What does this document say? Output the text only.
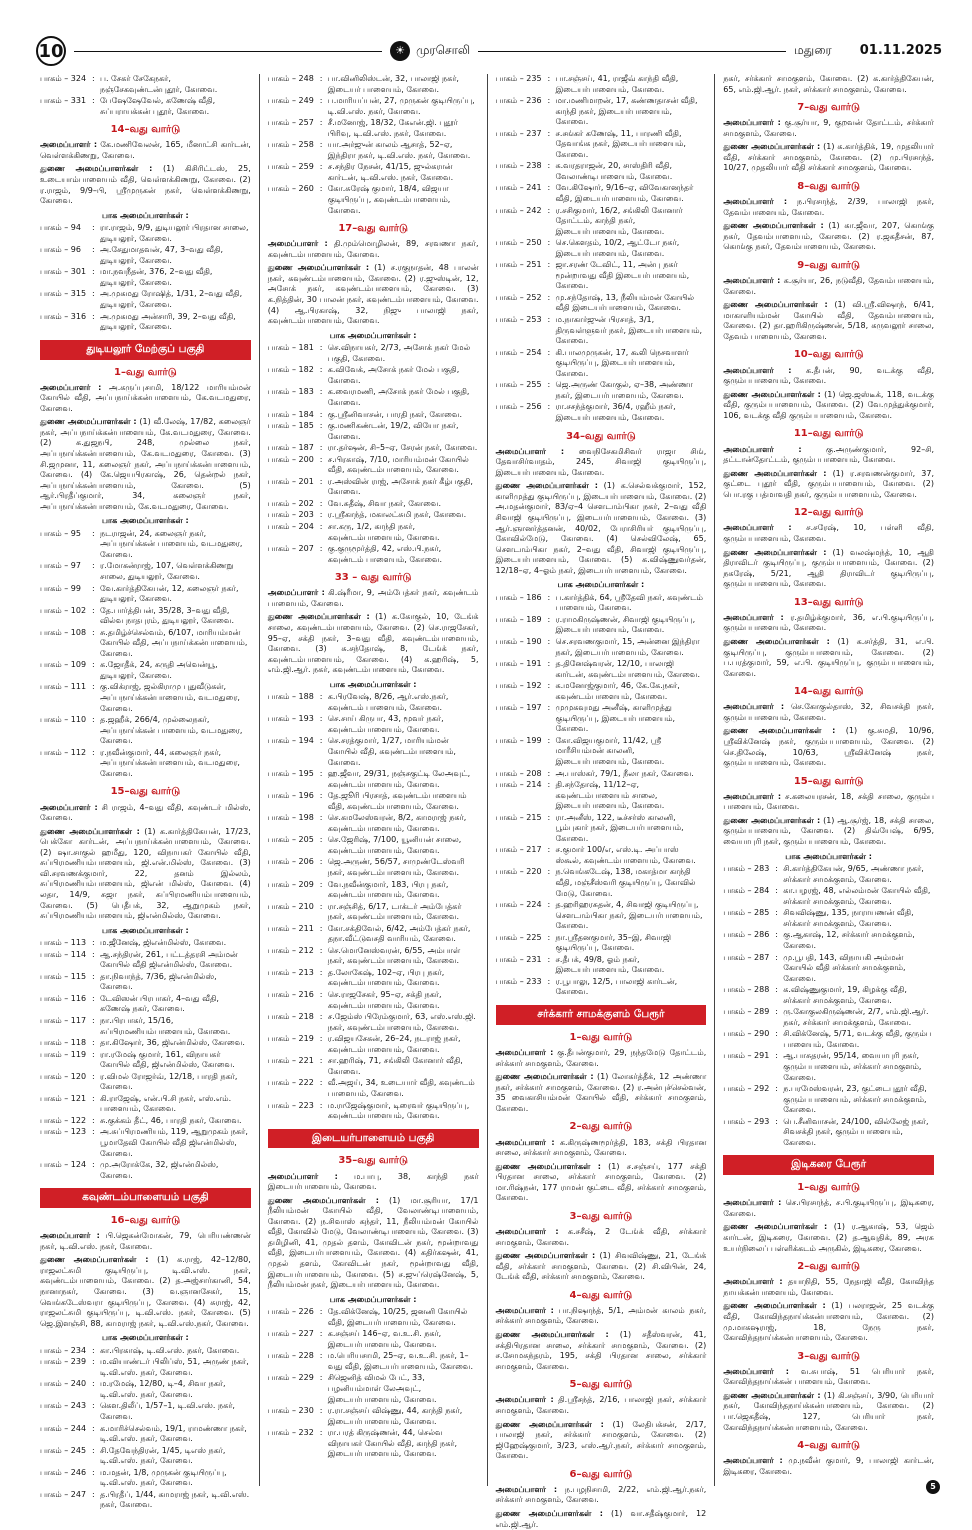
10	☀ முரசொலி	மதுரை 01.11.2025
பாகம் – 324 : ப. சேகர் சேகேநகர், நஞ்சேகவுண்டன்புதூர், கோவை.
பாகம் – 331 : பேஷேஷேவேல், கணேஷ் வீதி, சுப்பராயக்கன் புதூர், கோவை.
14–வது வார்டு
அமைப்பாளர் : கே.மணிவேலன், 165, மீனாட்சி கார்டன், வெள்ளக்கிணறு, கோவை.
துணை அமைப்பாளர்கள் : (1) கிசிரிட்டஸ், 25, உடையாம்பாளையம் வீதி, வெள்ளக்கிணறு, கோவை. (2) ர.ராஜம், 9/9–பி, ஸ்ரீமுருகன் நகர், வெள்ளக்கிணறு, கோவை.
பாக அமைப்பாளர்கள் :
பாகம் – 94	: ரா.ராஜம், 9/9, துடியலூர் பிரதான சாலை, துடியலூர், கோவை.
பாகம் – 96	: அ.சேதுமாதவன், 47, 3–வது வீதி, துடியலூர், கோவை.
பாகம் – 301 : மா.நவநீதன், 376, 2–வது வீதி, துடியலூர், கோவை.
பாகம் – 315 : அ.முகமது ரோஷித், 1/31, 2–வது வீதி, துடியலூர், கோவை.
பாகம் – 316 : அ.முகமது அன்சாரி, 39, 2–வது வீதி, துடியலூர், கோவை.
துடியலூர் மேற்குப் பகுதி
1–வது வார்டு
அமைப்பாளர் : அ.கருப்புசாமி, 18/122 மாரியம்மன் கோயில் வீதி, அப்பநாய்க்கன்பாளையம், கே.வடமதுரை, கோவை.
துணை அமைப்பாளர்கள் : (1) வீ.லேஷ், 17/82, கலைஞர் நகர், அப்பநாய்க்கன்பாளையம், கே.வடமதுரை, கோவை. (2) க.துஜநபி, 248, முல்லை நகர், அப்பநாய்க்கன்பாளையம், கே.வடமதுரை, கோவை. (3) சி.ஜமுனா, 11, கலைஞர் நகர், அப்பநாய்க்கன்பாளையம், கோவை. (4) கே.ஜெயபிரகாஷ், 26, தென்றல் நகர், அப்பநாய்க்கன்பாளையம், கோவை. (5) ஆர்.பிரதீப்குமார், 34, கலைஞர் நகர், அப்பநாய்க்கன்பாளையம், கே.வடமதுரை, கோவை.
பாக அமைப்பாளர்கள் :
பாகம் – 95	: நடராஜன், 24, கலைஞர் நகர், அப்பநாய்க்கன் பாளையம், வடமதுரை, கோவை.
பாகம் – 97	: ர.மோகன்ராஜ், 107, வெள்ளக்கிணறு சாலை, துடியலூர், கோவை.
பாகம் – 99	: வே.கார்த்திகேயன், 12, கலைஞர் நகர், துடியலூர், கோவை.
பாகம் – 102 : தே.பார்த்திபன், 35/28, 3–வது வீதி, வில்வ நாதபுரம், துடியலூர், கோவை.
பாகம் – 108 : சு.தமிழ்ச்செல்வம், 6/107, மாரியம்மன் கோயில் வீதி, அப்பநாய்க்கன்பாளையம், கோவை.
பாகம் – 109 : க.ஜோதீக், 24, சுருதி அவென்யூ, துடியலூர், கோவை.
பாகம் – 111 : கு.விக்ராஜ், ஜல்கிராமு புதுவீடுகள், அப்பநாய்க்கன்பாளையம், வடமதுரை, கோவை.
பாகம் – 110 : த.ஜஹீக், 266/4, முல்லைநகர், அப்பநாய்க்கன் பாளையம், வடமதுரை, கோவை.
பாகம் – 112 : ர.நவீன்குமார், 44, கலைஞர் நகர், அப்பநாய்க்கன்பாளையம், வடமதுரை, கோவை.
15–வது வார்டு
அமைப்பாளர் : சி ராஜம், 4–வது வீதி, கவுண்டர் மில்ஸ், கோவை.
துணை அமைப்பாளர்கள் : (1) க.கார்த்திகேயன், 17/23, பெக்கோ கார்டன், அப்பநாய்க்கன்பாளையம், கோவை. (2) ஷா.சாகுல் ஹமீது, 120, விநாயகர் கோயில் வீதி, சுப்பிரமணியம்பாளையம், ஜி.என்.மில்ஸ், கோவை. (3) வி.சரவணக்குமார், 22, தனம் இல்லம், சுப்பிரமணியம்பாளையம், ஜிஎன் மில்ஸ், கோவை. (4) லதா, 14/9, சுஜா நகர், சுப்பிரமணியம்பாளையம், கோவை. (5) பெதீபக், 32, ஆறுமுகம் நகர், சுப்பிரமணியம்பாளையம், ஜிஎன்மில்ஸ், கோவை.
பாக அமைப்பாளர்கள் :
பாகம் – 113 : ம.ஜீனேஷ், ஜிஎன்மில்ஸ், கோவை.
பாகம் – 114 : ஆ.சந்திரன், 261, பட்டத்தரசி அம்மன் கோயில் வீதி ஜிஎன்மில்ஸ், கோவை.
பாகம் – 115 : தா.நிவாந்த், 7/36, ஜிஎன்மில்ஸ், கோவை.
பாகம் – 116 : டேவிஸன் பிரபாகர், 4–வது வீதி, கணேஷ் நகர், கோவை.
பாகம் – 117 : நா.பிரபாகர், 15/16, சுப்பிரமணியம்பாளையம், கோவை.
பாகம் – 118 : தா.கிஷோர், 36, ஜிஎன்மில்ஸ், கோவை.
பாகம் – 119 : ரா.ரமேஷ் குமார், 161, விநாயகர் கோயில் வீதி, ஜிஎன்மில்ஸ், கோவை.
பாகம் – 120 : ர.விமல் ரோஜர்வ், 12/18, பாரதி நகர், கோவை.
பாகம் – 121 : கி.ராஜேஷ், என்.பி.சி நகர், எஸ்.எம். பாளையம், கோவை.
பாகம் – 122 : சு.குக்கம் தீட், 46, பாரதி நகர், கோவை.
பாகம் – 123 : அ.சுப்பிரமணியம், 119, ஆறுமுகம் நகர், பூமாதேவி கோயில் வீதி ஜிஎன்மில்ஸ், கோவை.
பாகம் – 124 : மு.அரோக்கே, 32, ஜிஎன்மில்ஸ், கோவை.
கவுண்டம்பாளையம் பகுதி
16–வது வார்டு
அமைப்பாளர் : பி.ஜெகன்மோகன், 79, பெரியண்ணன் நகர், டி.வி.எஸ். நகர், கோவை.
துணை அமைப்பாளர்கள் : (1) க.ராஜ், 42–12/80, ராஜலட்சுமி குடியிருப்பு, டி.வி.எஸ். நகர், கவுண்டம்பாளையம், கோவை. (2) த.அஜ்சார்கானி, 54, நானாநகர், கோவை. (3) வ.ஞானசேகர், 15, வெங்கடேஸ்வரா குடியிருப்பு, கோவை. (4) சுராஜ், 42, ராஜலட்சுமி குடியிருப்பு, டி.வி.எஸ். நகர், கோவை. (5) ஜெ.இளஞ்சி, 88, காமராஜ் நகர், டி.வி.எஸ்.நகர், கோவை.
பாக அமைப்பாளர்கள் :
பாகம் – 234 : கா.பிரகாஷ், டி.வி.எஸ். நகர், கோவை.
பாகம் – 239 : ம.வியாண்டர் பிலிப்ஸ், 51, அருண் நகர், டி.வி.எஸ். நகர், கோவை.
பாகம் – 240 : ம.ரமேஷ், 12/80, டி–4, சிவா நகர், டி.வி.எஸ். நகர், கோவை.
பாகம் – 243 : கௌ.திலீப், 1/57–1, டி.வி.எஸ். நகர், கோவை.
பாகம் – 244 : க.மாரிச்செல்வம், 19/1, ராமண்ணா நகர், டி.வி.எஸ். நகர், கோவை.
பாகம் – 245 : சி.தேவேந்திரன், 1/45, டிஎஸ் நகர், டி.வி.எஸ். நகர், கோவை.
பாகம் – 246 : ம.மதன், 1/8, முருகன் குடியிருப்பு, டி.வி.எஸ். நகர், கோவை.
பாகம் – 247 : த.பிரதீப், 1/44, காமராஜ் நகர், டி.வி.எஸ். நகர், கோவை.
பாகம் – 248 : பா.வினிலிஸ்டன், 32, பாலாஜி நகர், இடையர் பாளையம், கோவை.
பாகம் – 249 : ப.மாரியப்பன், 27, முருகன் குடியிருப்பு, டி.வி.எஸ். நகர், கோவை.
பாகம் – 257 : சீ.மனோஜ், 18/32, கேஎன்.ஜி. புதூர் பிரிவு, டி.வி.எஸ். நகர், கோவை.
பாகம் – 258 : யா.அர்ஜுன் காலம் ஆசாத், 52–ஏ, இந்திரா நகர், டி.வி.எஸ். நகர், கோவை.
பாகம் – 259 : ச.சந்திர நேசன், 41/15, ஜுல்கரான் கார்டன், டி.வி.எஸ். நகர், கோவை.
பாகம் – 260 : கோ.சுரேஷ் குமார், 18/4, விஜயா குடியிருப்பு, கவுண்டம்பாளையம், கோவை.
17–வது வார்டு
அமைப்பாளர் : தி.மும்மொழிலன், 89, சரவணா நகர், கவுண்டம்பாளையம், கோவை.
துணை அமைப்பாளர்கள் : (1) ச.ரகுநாதன், 48 பாலன் நகர், கவுண்டம்பாளையம், கோவை. (2) ர.ஜுஸ்டின், 12, அசோக் நகர், கவுண்டம்பாளையம், கோவை. (3) க.நித்தின், 30 பாலன் நகர், கவுண்டம்பாளையம், கோவை. (4) ஆ.பிரகாஷ், 32, நிஜு பாலாஜி நகர், கவுண்டம்பாளையம், கோவை.
பாக அமைப்பாளர்கள் :
பாகம் – 181 : செ.விநாயகர், 2/73, அசோக் நகர் மேல் பகுதி, கோவை.
பாகம் – 182 : க.விவேக், அசோக் நகர் மேல் பகுதி, கோவை.
பாகம் – 183 : க.வைரமணி, அசோக் நகர் மேல் பகுதி, கோவை.
பாகம் – 184 : கு.ஸ்ரீனிவாசன், பாரதி நகர், கோவை.
பாகம் – 185 : கு.மணிகண்டன், 19/2, வியோ நகர், கோவை.
பாகம் – 187 : ரா.தர்ஷன், சி–5–ஏ, சேரன் நகர், கோவை.
பாகம் – 200 : ச.பிரகாஷ், 7/10, மாரியம்மன் கோயில் வீதி, கவுண்டம்பாளையம், கோவை.
பாகம் – 201 : ர.அஸ்வின் ராஜ், அசோக் நகர் கீழ்பகுதி, கோவை.
பாகம் – 202 : வே.சுதீஷ், சிவா நகர், கோவை.
பாகம் – 203 : ர.ஸ்ரீகாந்த், மகாலட்சுமி நகர், கோவை.
பாகம் – 204 : சா.கரு, 1/2, காந்தி நகர், கவுண்டம்பாளையம், கோவை.
பாகம் – 207 : கு.குருமூர்த்தி, 42, எஸ்.பி.நகர், கவுண்டம் பாளையம், கோவை.
33 – வது வார்டு
அமைப்பாளர் : கி.ஷ்ரீமா, 9, அம்பேத்கர் நகர், கவுண்டம் பாளையம், கோவை.
துணை அமைப்பாளர்கள் : (1) க.கோகுல், 10, டேங்க் சாலை, கவுண்டம்பாளையம், கோவை. (2) செ.ராஜசேகர், 95–ஏ, சக்தி நகர், 3–வது வீதி, கவுண்டம்பாளையம், கோவை. (3) சு.சந்தோஷ், 8, டேங்க் நகர், கவுண்டம்பாளையம், கோவை. (4) க.ஹரிஷ், 5, எம்.ஜி.ஆர். நகர், கவுண்டம்பாளையம், கோவை.
பாக அமைப்பாளர்கள் :
பாகம் – 188 : க.பிரவேஷ், 8/26, ஆர்.எஸ்.நகர், கவுண்டம் பாளையம், கோவை.
பாகம் – 193 : செ.சாய் கிருபா, 43, மூவர் நகர், கவுண்டம்பாளையம், கோவை.
பாகம் – 194 : செ.சரத்குமார், 1/27, மாரியம்மன் கோயில் வீதி, கவுண்டம்பாளையம், கோவை.
பாகம் – 195 : ஹ.ஜீவா, 29/31, நஞ்சகுட்டி லேஅவுட், கவுண்டம்பாளையம், கோவை.
பாகம் – 196 : தே.ஜூரி பிரசாத், கவுண்டம்பாளையம் வீதி, கவுண்டம்பாளையம், கோவை.
பாகம் – 198 : செ.கமலேஸ்வரன், 8/2, காமராஜ் நகர், கவுண்டம்பாளையம், கோவை.
பாகம் – 205 : செ.ஜேரிஷ், 7/100, யூனியன் சாலை, கவுண்டம்பாளையம், கோவை.
பாகம் – 206 : ஜெ.அருண், 56/57, சாமுண்டேஸ்வரி நகர், கவுண்டம்பாளையம், கோவை.
பாகம் – 209 : வே.நவீன்குமார், 183, பிரபு நகர், கவுண்டம்பாளையம், கோவை.
பாகம் – 210 : ரா.சஞ்சித், 6/17, டாக்டர் அம்பேத்கர் நகர், கவுண்டம்பாளையம், கோவை.
பாகம் – 211 : கோ.சக்திவேல், 6/42, அம்பேத்கர் நகர், தநா.வீட்டுவசதி வாரியம், கோவை.
பாகம் – 212 : செ.மொனேஸ்வரன், 6/55, அம்பாள் நகர், கவுண்டம்பாளையம், கோவை.
பாகம் – 213 : த.லோகேஷ், 102–ஏ, பிரபு நகர், கவுண்டம்பாளையம், கோவை.
பாகம் – 216 : செ.ராஜசேகர், 95–ஏ, சக்தி நகர், கவுண்டம்பாளையம், கோவை.
பாகம் – 218 : ச.ஜேம்ஸ் பிரேம்குமார், 63, எஸ்.எஸ்.ஜி. நகர், கவுண்டம்பாளையம், கோவை.
பாகம் – 219 : ர.விஜயசேகன், 26–24, நடராஜ் நகர், கவுண்டம்பாளையம், கோவை.
பாகம் – 221 : சா.ஹரிஷ், 71, சங்கிலி கோனார் வீதி, கோவை.
பாகம் – 222 : வீ.அஜய், 34, உடையார் வீதி, கவுண்டம் பாளையம், கோவை.
பாகம் – 223 : ம.ராஜேஷ்குமார், டிரைவர் குடியிருப்பு, கவுண்டம்பாளையம், கோவை.
இடையர்பாளையம் பகுதி
35–வது வார்டு
அமைப்பாளர் : ம.பாபு, 38, காந்தி நகர் இடையர்பாளையம், கோவை.
துணை அமைப்பாளர்கள் : (1) மா.சூரியா, 17/1 நீலியம்மன் கோயில் வீதி, வேலாண்டிபாளையம், கோவை. (2) ந.சிவாஸ் கந்தர், 11, நீலியம்மன் கோயில் வீதி, கோவில் மேடு, வேலாண்டிபாளையம், கோவை. (3) தமிழினி, 41, முதல் தளம், கோவிடன் நகர், மூன்றாவது வீதி, இடையர்பாளையம், கோவை. (4) கதிர்கஷன், 41, முதல் தளம், கோவிடன் நகர், மூன்றாவது வீதி, இடையர்பாளையம், கோவை. (5) ச.ஜுப்ரெஷ்னேஷ், 5, நீலியம்மன் நகர், இடையர்பாளையம், கோவை.
பாக அமைப்பாளர்கள் :
பாகம் – 226 : தே.விக்னேஷ், 10/25, ஜனனி கோயில் வீதி, இடையர்பாளையம், கோவை.
பாகம் – 227 : க.சஞ்சய் 146–ஏ, வ.உ.சி. நகர், இடையர்பாளையம், கோவை.
பாகம் – 228 : ம.பெரியசாமி, 25–ஏ, வ.உ.சி. நகர், 1–வது வீதி, இடையர்பாளையம், கோவை.
பாகம் – 229 : சிஜெனித் விமல் பேட், 33, பழனியம்மாள் லேஅவுட், இடையர்பாளையம், கோவை.
பாகம் – 230 : ர.ரா.சஞ்சய் விஷ்ணு, 44, காந்தி நகர், இடையர்பாளையம், கோவை.
பாகம் – 232 : ரா.பரத் கிருஷ்ணன், 44, செல்வ விநாயகர் கோயில் வீதி, காந்தி நகர், இடையர்பாளையம், கோவை.
பாகம் – 235 : பா.சஞ்சய், 41, ராஜீவ் காந்தி வீதி, இடையர்பாளையம், கோவை.
பாகம் – 236 : மா.மணிமாறன், 17, கண்ணதாசன் வீதி, காந்தி நகர், இடையர்பாளையம், கோவை.
பாகம் – 237 : ச.சங்கர் கணேஷ், 11, பாரணி வீதி, தேவாங்க நகர், இடையர்பாளையம், கோவை.
பாகம் – 238 : க.வரதராஜன், 20, சாஸ்திரி வீதி, வேலாண்டிபாளையம், கோவை.
பாகம் – 241 : வே.கிஷோர், 9/16–ஏ, விவேகானந்தர் வீதி, இடையர்பாளையம், கோவை.
பாகம் – 242 : ர.சசிகுமார், 16/2, சங்கிலி கோனார் தோட்டம், காந்தி நகர், இடையர்பாளையம், கோவை.
பாகம் – 250 : செ.கௌதம், 10/2, ஆட்டோ நகர், இடையர்பாளையம், கோவை.
பாகம் – 251 : ஜா.சரண் டேவிட், 11, அன்பு நகர் மூன்றாவது வீதி இடையர்பாளையம், கோவை.
பாகம் – 252 : மு.சந்தோஷ், 13, நீலியம்மன் கோயில் வீதி இடையர்பாளையம், கோவை.
பாகம் – 253 : ம.நாகார்ஜுன் பிரசாத், 3/1, திருவள்ளுவர் நகர், இடையர்பாளையம், கோவை.
பாகம் – 254 : கி.பாலமுருகன், 17, கூலி நெசவாளர் குடியிருப்பு, இடையர்பாளையம், கோவை.
பாகம் – 255 : ஜெ.அருண் கோகுல், ஏ–38, அண்ணா நகர், இடையர்பாளையம், கோவை.
பாகம் – 256 : ரா.சசந்த்குமார், 36/4, ரஹீம் நகர், இடையர்பாளையம், கோவை.
34–வது வார்டு
அமைப்பாளர் : வைநிசேகமிசிவர் ராஜா சிங், தேவாசிர்வாதம், 245, சிவாஜி குடியிருப்பு, இடையர்பாளையம், கோவை.
துணை அமைப்பாளர்கள் : (1) க.செல்வக்குமார், 152, காளிமுத்து குடியிருப்பு, இடையர்பாளையம், கோவை. (2) அ.மதன்குமார், 83/ஏ–4 சௌடாம்பிகா நகர், 2–வது வீதி சிவாஜி குடியிருப்பு, இடையர்பாளையம், கோவை. (3) ஆர்.ஞானர்த்தனன், 40/02, பேராசிரியர் குடியிருப்பு, கோவில்மேடு, கோவை. (4) செல்விலேஷ், 65, சௌடாம்பிகா நகர், 2–வது வீதி, சிவாஜி குடியிருப்பு, இடையர்பாளையம், கோவை. (5) க.விஷ்ணுவர்தன், 12/18–ஏ, 4–ஓம் நகர், இடையர்பாளையம், கோவை.
பாக அமைப்பாளர்கள் :
பாகம் – 186 : ப.கார்த்திக், 64, ஸ்ரீதேவி நகர், கவுண்டம் பாளையம், கோவை.
பாகம் – 189 : ர.ராமகிருஷ்ணன், சிவாஜி குடியிருப்பு, இடையர்பாளையம், கோவை.
பாகம் – 190 : செ.சரவணகுமார், 15, அன்னை இந்திரா நகர், இடையர்பாளையம், கோவை.
பாகம் – 191 : த.தினேஷ்வரன், 12/10, பாலாஜி கார்டன், கவுண்டம்பாளையம், கோவை.
பாகம் – 192 : க.மனோஜ்குமார், 46, கே.கே.நகர், கவுண்டம்பாளையம், கோவை.
பாகம் – 197 : முமுகவுமது அனீஷ், காளிமுத்து குடியிருப்பு, இடையர்பாளையம், கோவை.
பாகம் – 199 : கோ.விஜயகுமார், 11/42, ஸ்ரீ மாரீசியம்மன் காலனி, இடையர்பாளையம், கோவை.
பாகம் – 208 : அ.பாஸ்கர், 79/1, நீலா நகர், கோவை.
பாகம் – 214 : தி.சந்தோஷ், 11/12–ஏ, கவுண்டம்பாளையம் சாலை, இடையர்பாளையம், கோவை.
பாகம் – 215 : ரா.அனீஸ், 122, டீச்சர்ஸ் காலனி, பூம்புகார் நகர், இடையர்பாளையம், கோவை.
பாகம் – 217 : ச.குமார் 100/எ, எஸ்.டி. அப்பாஸ் ஸ்கூல், கவுண்டம்பாளையம், கோவை.
பாகம் – 220 : ந.வெங்கடேஷ், 138, மகாத்மா காந்தி வீதி, மஞ்சீஸ்வரி குடியிருப்பு, கோவில் மேடு, கோவை.
பாகம் – 224 : த.ஹரிஹரசுதன், 4, சிவாஜி குடியிருப்பு, சௌடாம்பிகா நகர், இடையர்பாளையம், கோவை.
பாகம் – 225 : நா.ஸ்ரீதனகுமார், 35–இ, சிவாஜி குடியிருப்பு, கோவை.
பாகம் – 231 : ச.தீபக், 49/8, ஓம் நகர், இடையர்பாளையம், கோவை.
பாகம் – 233 : ர.பூபாலு, 12/5, பாலாஜி கார்டன், கோவை.
சர்க்கார் சாமக்குளம் பேரூர்
1–வது வார்டு
அமைப்பாளர் : கு.தீபன்குமார், 29, நந்தமேடு தோட்டம், சர்க்கார் சாமகுளம், கோவை.
துணை அமைப்பாளர்கள் : (1) லோகர்த்தீக், 12 அண்ணா நகர், சர்க்கார் சாமகுளம், கோவை. (2) ர.அன்புச்செல்வன், 35 வைகாசியம்மன் கோயில் வீதி, சர்க்கார் சாமகுளம், கோவை.
2–வது வார்டு
அமைப்பாளர் : க.கிருஷ்ணமூர்த்தி, 183, சக்தி பிரதான சாலை, சர்க்கார் சாமகுளம், கோவை.
துணை அமைப்பாளர்கள் : (1) ச.சஞ்சய், 177 சக்தி பிரதான சாலை, சர்க்கார் சாமகுளம், கோவை. (2) மா.ரிஷ்நன், 177 ராமன் குட்டை வீதி, சர்க்கார் சாமகுளம், கோவை.
3–வது வார்டு
அமைப்பாளர் : க.சசீஷ், 2 டேங்க் வீதி, சர்க்கார் சாமகுளம், கோவை.
துணை அமைப்பாளர்கள் : (1) சிவவிஷ்ணு, 21, டேங்க் வீதி, சர்க்கார் சாமகுளம், கோவை. (2) சி.விபின், 24, டேங்க் வீதி, சர்க்கார் சாமகுளம், கோவை.
4–வது வார்டு
அமைப்பாளர் : பா.நிஷாந்த், 5/1, அம்மன் காலம் நகர், சர்க்கார் சாமகுளம், கோவை.
துணை அமைப்பாளர்கள் : (1) சதீஸ்வரன், 41, சக்திபிரதான சாலை, சர்க்கார் சாமகுளம், கோவை. (2) ச.சோமசுந்தரம், 195, சக்தி பிரதான சாலை, சர்க்கார் சாமகுளம், கோவை.
5–வது வார்டு
அமைப்பாளர் : தி.ஸ்ரீசந்த், 2/16, பாலாஜி நகர், சர்க்கார் சாமகுளம், கோவை.
துணை அமைப்பாளர்கள் : (1) லேதிபக்சன், 2/17, பாலாஜி நகர், சர்க்கார் சாமகுளம், கோவை. (2) ஜிஹேஷ்குமார், 3/23, எஸ்.ஆர்.நகர், சர்க்கார் சாமகுளம், கோவை.
6–வது வார்டு
அமைப்பாளர் : ந.பழநிசாமி, 2/22, எம்.ஜி.ஆர்.நகர், சர்க்கார் சாமகுளம், கோவை.
துணை அமைப்பாளர்கள் : (1) வா.சதீஷ்குமார், 12 எம்.ஜி.ஆர்.
நகர், சர்க்கார் சாமகுளம், கோவை. (2) க.கார்த்திகேயன், 65, எம்.ஜி.ஆர். நகர், சர்க்கார் சாமகுளம், கோவை.
7–வது வார்டு
அமைப்பாளர் : கு.சூர்யா, 9, குறவன் தோட்டம், சர்க்கார் சாமகுளம், கோவை.
துணை அமைப்பாளர்கள் : (1) க.கார்த்திக், 19, முதலியார் வீதி, சர்க்கார் சாமகுளம், கோவை. (2) மு.பிரசாந்த், 10/27, முதலியார் வீதி சர்க்கார் சாமகுளம், கோவை.
8–வது வார்டு
அமைப்பாளர் : ந.பிரசாந்த், 2/39, பாலாஜி நகர், தேவம்பாளையம், கோவை.
துணை அமைப்பாளர்கள் : (1) கா.ஜீவா, 207, கொங்கு நகர், தேவம்பாளையம், கோவை. (2) ர.ஜகதீசன், 87, கொங்கு நகர், தேவம்பாளையம், கோவை.
9–வது வார்டு
அமைப்பாளர் : க.சூர்யா, 26, நடுவீதி, தேவம்பாளையம், கோவை.
துணை அமைப்பாளர்கள் : (1) வி.ஸ்ரீ.விஷாந், 6/41, மாகாளியம்மன் கோயில் வீதி, தேவம்பாளையம், கோவை. (2) தா.ஹரிகிருஷ்ணன், 5/18, கருவலூர் சாலை, தேவம் பாளையம், கோவை.
10–வது வார்டு
அமைப்பாளர் : க.தீபன், 90, வடக்கு வீதி, குரும்பபாளையம், கோவை.
துணை அமைப்பாளர்கள் : (1) ஜெ.ஜஸ்டீக், 118, வடக்கு வீதி, குரும்பபாளையம், கோவை. (2) வே.முத்துக்குமார், 106, வடக்கு வீதி குரும்பபாளையம், கோவை.
11–வது வார்டு
அமைப்பாளர் :	கு.அருண்குமார், 92–சி, தட்டான்தோட்டம், குரும்பபாளையம், கோவை.
துணை அமைப்பாளர்கள் : (1) ர.சரவணன்குமார், 37, குட்டை புதூர் வீதி, குரும்பபாளையம், கோவை. (2) பொ.ரகு பத்மாவதி நகர், குரும்பபாளையம், கோவை.
12–வது வார்டு
அமைப்பாளர் : ச.சரேஷ், 10, பள்ளி வீதி, குரும்பபாளையம், கோவை.
துணை அமைப்பாளர்கள் : (1) வலஷ்மந்த், 10, ஆதி திராவிடர் குடியிருப்பு, குரும்பபாளையம், கோவை. (2) நகரேஷ், 5/21, ஆதி திராவிடர் குடியிருப்பு, குரும்பபாளையம், கோவை.
13–வது வார்டு
அமைப்பாளர் : ர.தமிழ்க்குமார், 36, எ.பி.குடியிருப்பு, குரும்பபாளையம், கோவை.
துணை அமைப்பாளர்கள் : (1) க.சர்த்தி, 31, எ.பி. குடியிருப்பு, குரும்பபாளையம், கோவை. (2) ப.பரத்குமார், 59, எ.பி. குடியிருப்பு, குரும்பபாளையம், கோவை.
14–வது வார்டு
அமைப்பாளர் : செ.கோகுல்தாஸ், 32, சிவசக்தி நகர், குரும்பபாளையம், கோவை.
துணை அமைப்பாளர்கள் : (1) கு.சுமதி, 10/96, ஸ்ரீவிக்னேஷ் நகர், குரும்பபாளையம், கோவை. (2) செ.திலேஷ், 10/63, ஸ்ரீவிக்னேஷ் நகர், குரும்பபாளையம், கோவை.
15–வது வார்டு
அமைப்பாளர் : ச.கலையரசன், 18, சக்தி சாலை, குரும்ப பாளையம், கோவை.
துணை அமைப்பாளர்கள் : (1) ஆ.சூர்ஜ், 18, சக்தி சாலை, குரும்பபாளையம், கோவை. (2) திவ்யேஷ், 6/95, வையாபுரி நகர், குரும்பபாளையம், கோவை.
பாக அமைப்பாளர்கள் :
பாகம் – 283 : சி.கார்த்திகேயன், 9/65, அண்ணா நகர், சர்க்கார் சாமக்குளம், கோவை.
பாகம் – 284 : கா.பழரஜ், 48, எல்லம்மன் கோயில் வீதி, சர்க்கார் சாமக்குளம், கோவை.
பாகம் – 285 : சிவவிஷ்ணு, 135, நாராயணன் வீதி, சர்க்கார் சாமக்குளம், கோவை.
பாகம் – 286 : கு.ஆகாஷ், 12, சர்க்கார் சாமக்குளம், கோவை.
பாகம் – 287 : மு.பூபதி, 143, விநாயகி அம்மன் கோயில் வீதி சர்க்கார் சாமக்குளம், கோவை.
பாகம் – 288 : க.விஷ்ணுகுமார், 19, கிழக்கு வீதி, சர்க்கார் சாமக்குளம், கோவை.
பாகம் – 289 : ரு.கோகுலகிருஷ்ணன், 2/7, எம்.ஜி.ஆர். நகர், சர்க்கார் சாமக்குளம், கோவை.
பாகம் – 290 : சி.விக்னேஷ், 5/71, வடக்கு வீதி, குரும்ப பாளையம், கோவை.
பாகம் – 291 : ஆ.பாசுதரன், 95/14, வையாபுரி நகர், குரும்பபாளையம், சர்க்கார் சாமகுளம், கோவை.
பாகம் – 292 : ந.பரமேஸ்வரன், 23, குட்டைபுதூர் வீதி, குரும்பபாளையம், சர்க்கார் சாமக்குளம், கோவை.
பாகம் – 293 : பெ.சீனிவாசன், 24/100, வில்லேஜ் நகர், சிவசக்தி நகர், குரும்பபாளையம், கோவை.
இடிகரை பேரூர்
1–வது வார்டு
அமைப்பாளர் : செ.பிரசாந்த், ச.பி.குடியிருப்பு, இடிகரை, கோவை.
துணை அமைப்பாளர்கள் : (1) ர.ஆகாஷ், 53, ஜெம் கார்டன், இடிகரை, கோவை. (2) த.ஆவுதிக், 89, அரசு உயர்நிலைப் பள்ளிக்கடம் அருகில், இடிகரை, கோவை.
2–வது வார்டு
அமைப்பாளர் : தயாநிதி, 55, நேதாஜி வீதி, கோவிந்த நாயக்கன்பாளையம், கோவை.
துணை அமைப்பாளர்கள் : (1) பலராஜன், 25 வடக்கு வீதி, கோவிந்தநாய்க்கன்பாளையம், கோவை. (2) மு.மாகஷராஜ், 18, நேரு நகர், கோவிந்தநாய்க்கன்பாளையம், கோவை.
3–வது வார்டு
அமைப்பாளர் : வ.சுபாஷ், 51 பெரியார் நகர், கோவிந்தநாய்க்கன் பாளையம், கோவை.
துணை அமைப்பாளர்கள் : (1) கி.சஞ்சய், 3/90, பெரியார் நகர், கோவிந்தநாய்க்கன்பாளையம், கோவை. (2) பா.ஜெகதீஷ், 127, பெரியார் நகர், கோவிந்தநாய்க்கன்பாளையம், கோவை.
4–வது வார்டு
அமைப்பாளர் : மு.நவீன் குமார், 9, பாலாஜி கார்டன், இடிகரை, கோவை.
5
